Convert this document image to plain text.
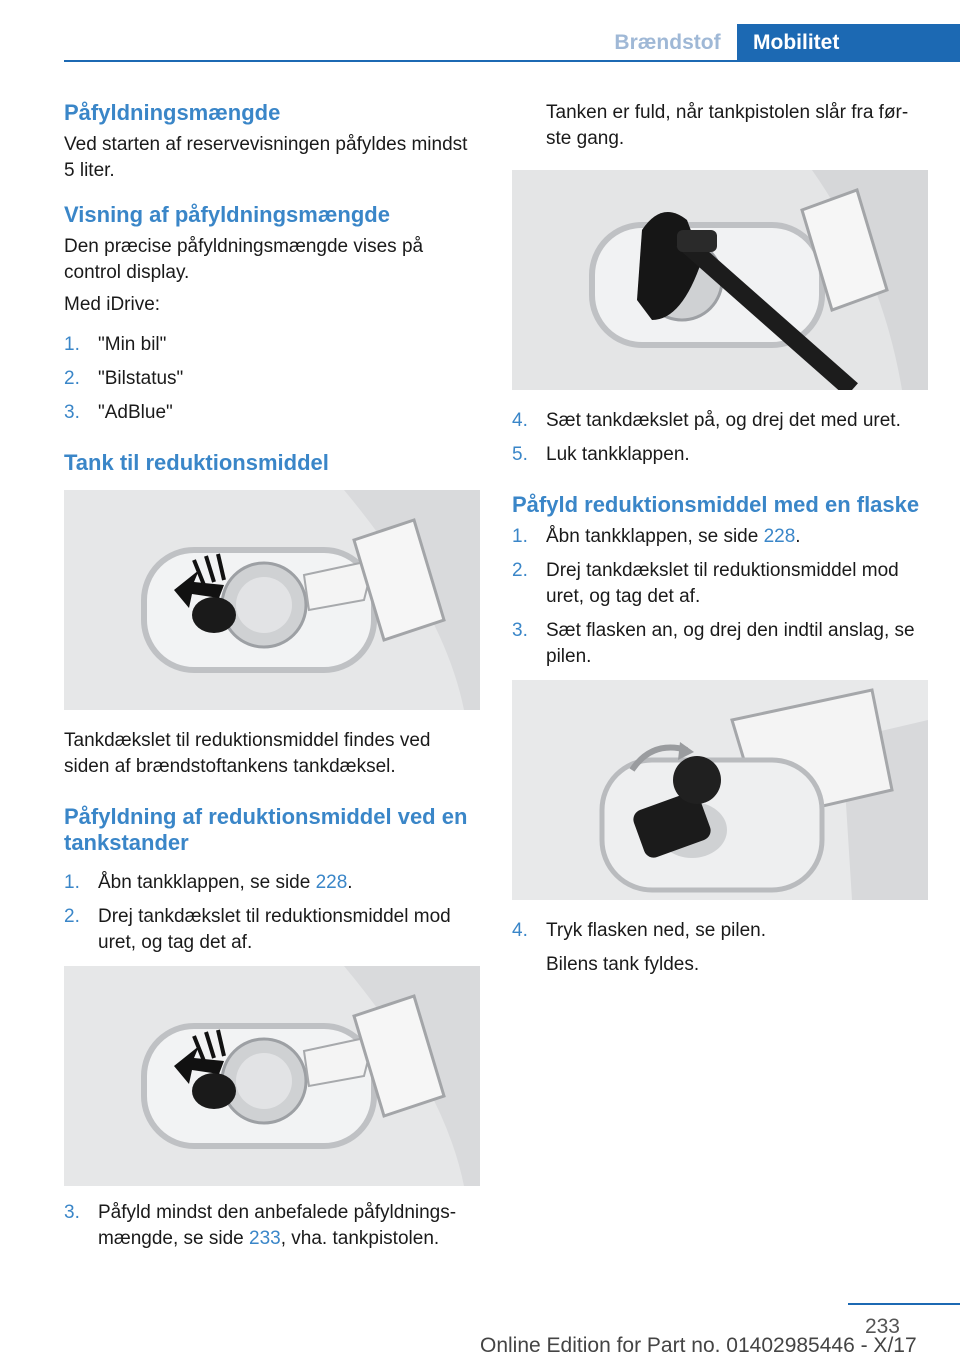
Brændstof	Mobilitet
Påfyldningsmængde

Ved starten af reservevisningen påfyldes mindst 5 liter.

Visning af påfyldningsmængde

Den præcise påfyldningsmængde vises på control display.

Med iDrive:

1. "Min bil"
2. "Bilstatus"
3. "AdBlue"
Tank til reduktionsmiddel

Tankdækslet til reduktionsmiddel findes ved siden af brændstoftankens tankdæksel.

Påfyldning af reduktionsmiddel ved en tankstander
1. Åbn tankklappen, se side 228.
2. Drej tankdækslet til reduktionsmiddel mod uret, og tag det af.
3. Påfyld mindst den anbefalede påfyldnings-mængde, se side 233, vha. tankpistolen.

Tanken er fuld, når tankpistolen slår fra før-ste gang.

4. Sæt tankdækslet på, og drej det med uret.
5. Luk tankklappen.
Påfyld reduktionsmiddel med en flaske
1. Åbn tankklappen, se side 228.
2. Drej tankdækslet til reduktionsmiddel mod uret, og tag det af.
3. Sæt flasken an, og drej den indtil anslag, se pilen.
4. Tryk flasken ned, se pilen.

Bilens tank fyldes.

233
Online Edition for Part no. 01402985446 - X/17
